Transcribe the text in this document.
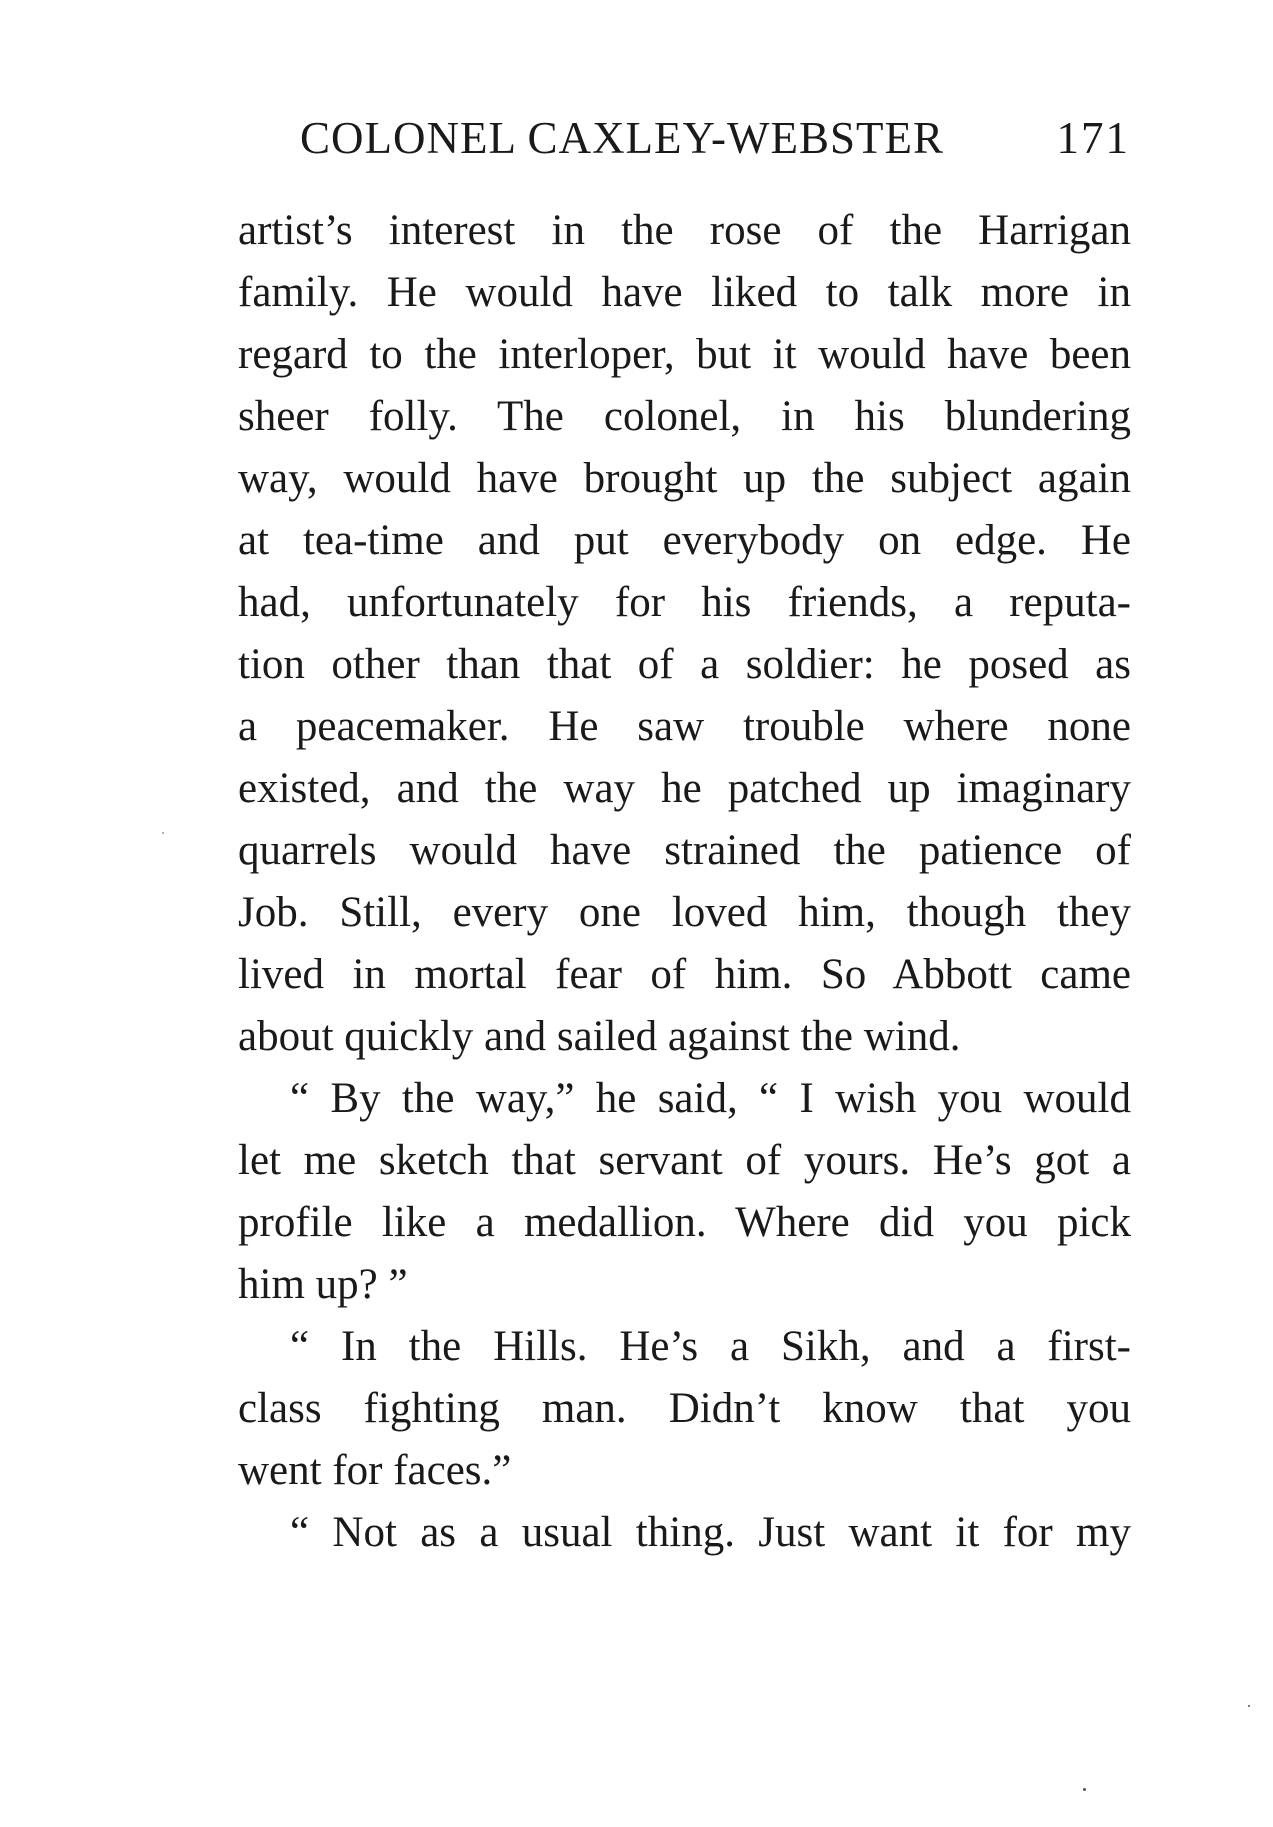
COLONEL CAXLEY-WEBSTER 171
artist’s interest in the rose of the Harrigan
family. He would have liked to talk more in
regard to the interloper, but it would have been
sheer folly. The colonel, in his blundering
way, would have brought up the subject again
at tea-time and put everybody on edge. He
had, unfortunately for his friends, a reputa-
tion other than that of a soldier: he posed as
a peacemaker. He saw trouble where none
existed, and the way he patched up imaginary
quarrels would have strained the patience of
Job. Still, every one loved him, though they
lived in mortal fear of him. So Abbott came
about quickly and sailed against the wind.
“ By the way,” he said, “ I wish you would
let me sketch that servant of yours. He’s got a
profile like a medallion. Where did you pick
him up? ”
“ In the Hills. He’s a Sikh, and a first-
class fighting man. Didn’t know that you
went for faces.”
“ Not as a usual thing. Just want it for my
